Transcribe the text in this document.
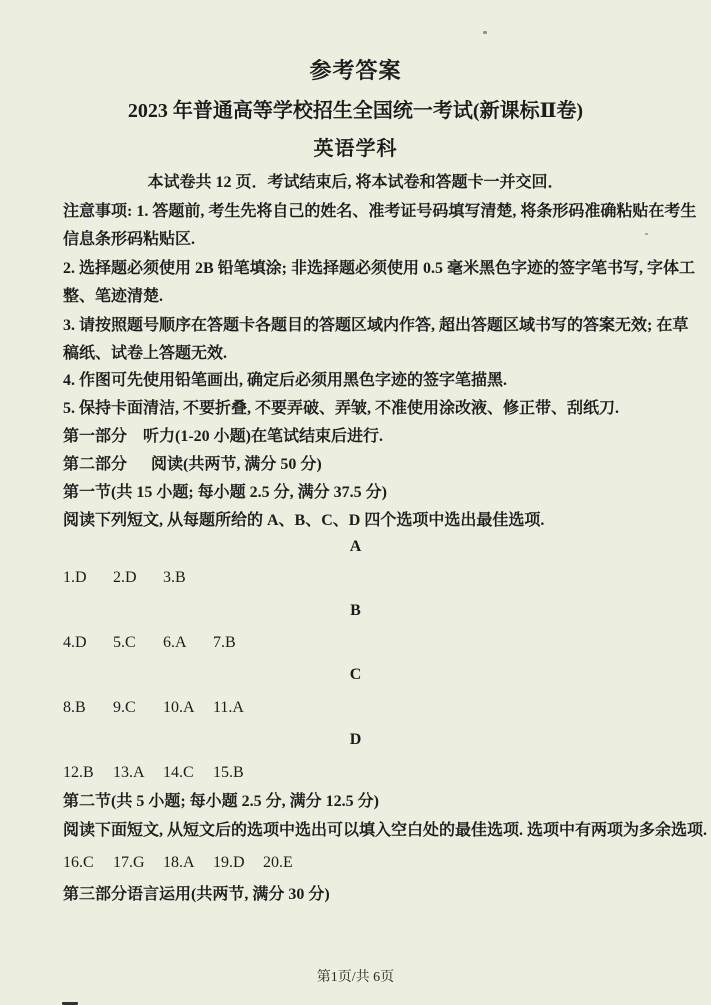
参考答案
2023 年普通高等学校招生全国统一考试(新课标Ⅱ卷)
英语学科
本试卷共 12 页．考试结束后, 将本试卷和答题卡一并交回．
注意事项: 1. 答题前, 考生先将自己的姓名、准考证号码填写清楚, 将条形码准确粘贴在考生
信息条形码粘贴区.
2. 选择题必须使用 2B 铅笔填涂; 非选择题必须使用 0.5 毫米黑色字迹的签字笔书写, 字体工
整、笔迹清楚.
3. 请按照题号顺序在答题卡各题目的答题区域内作答, 超出答题区域书写的答案无效; 在草
稿纸、试卷上答题无效.
4. 作图可先使用铅笔画出, 确定后必须用黑色字迹的签字笔描黑.
5. 保持卡面清洁, 不要折叠, 不要弄破、弄皱, 不准使用涂改液、修正带、刮纸刀.
第一部分　听力(1-20 小题)在笔试结束后进行.
第二部分　  阅读(共两节, 满分 50 分)
第一节(共 15 小题; 每小题 2.5 分, 满分 37.5 分)
阅读下列短文, 从每题所给的 A、B、C、D 四个选项中选出最佳选项.
A
1.D 2.D 3.B
B
4.D 5.C 6.A 7.B
C
8.B 9.C 10.A 11.A
D
12.B 13.A 14.C 15.B
第二节(共 5 小题; 每小题 2.5 分, 满分 12.5 分)
阅读下面短文, 从短文后的选项中选出可以填入空白处的最佳选项. 选项中有两项为多余选项.
16.C 17.G 18.A 19.D 20.E
第三部分语言运用(共两节, 满分 30 分)
第1页/共 6页
